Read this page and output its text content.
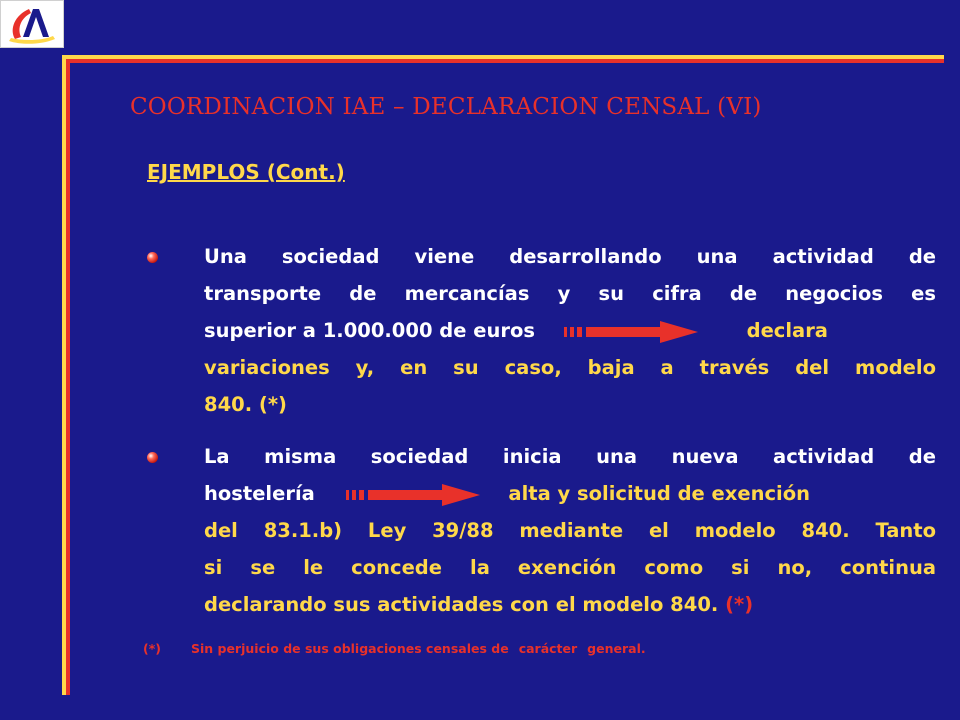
COORDINACION IAE – DECLARACION CENSAL (VI)
EJEMPLOS (Cont.)
Una sociedad viene desarrollando una actividad de
transporte de mercancías y su cifra de negocios es
superior a 1.000.000 de euros	declara
variaciones y, en su caso, baja a través del modelo
840. (*)
La misma sociedad inicia una nueva actividad de
hostelería	alta y solicitud de exención
del 83.1.b) Ley 39/88 mediante el modelo 840. Tanto
si se le concede la exención como si no, continua
declarando sus actividades con el modelo 840. (*)
(*) Sin perjuicio de sus obligaciones censales de carácter general.
